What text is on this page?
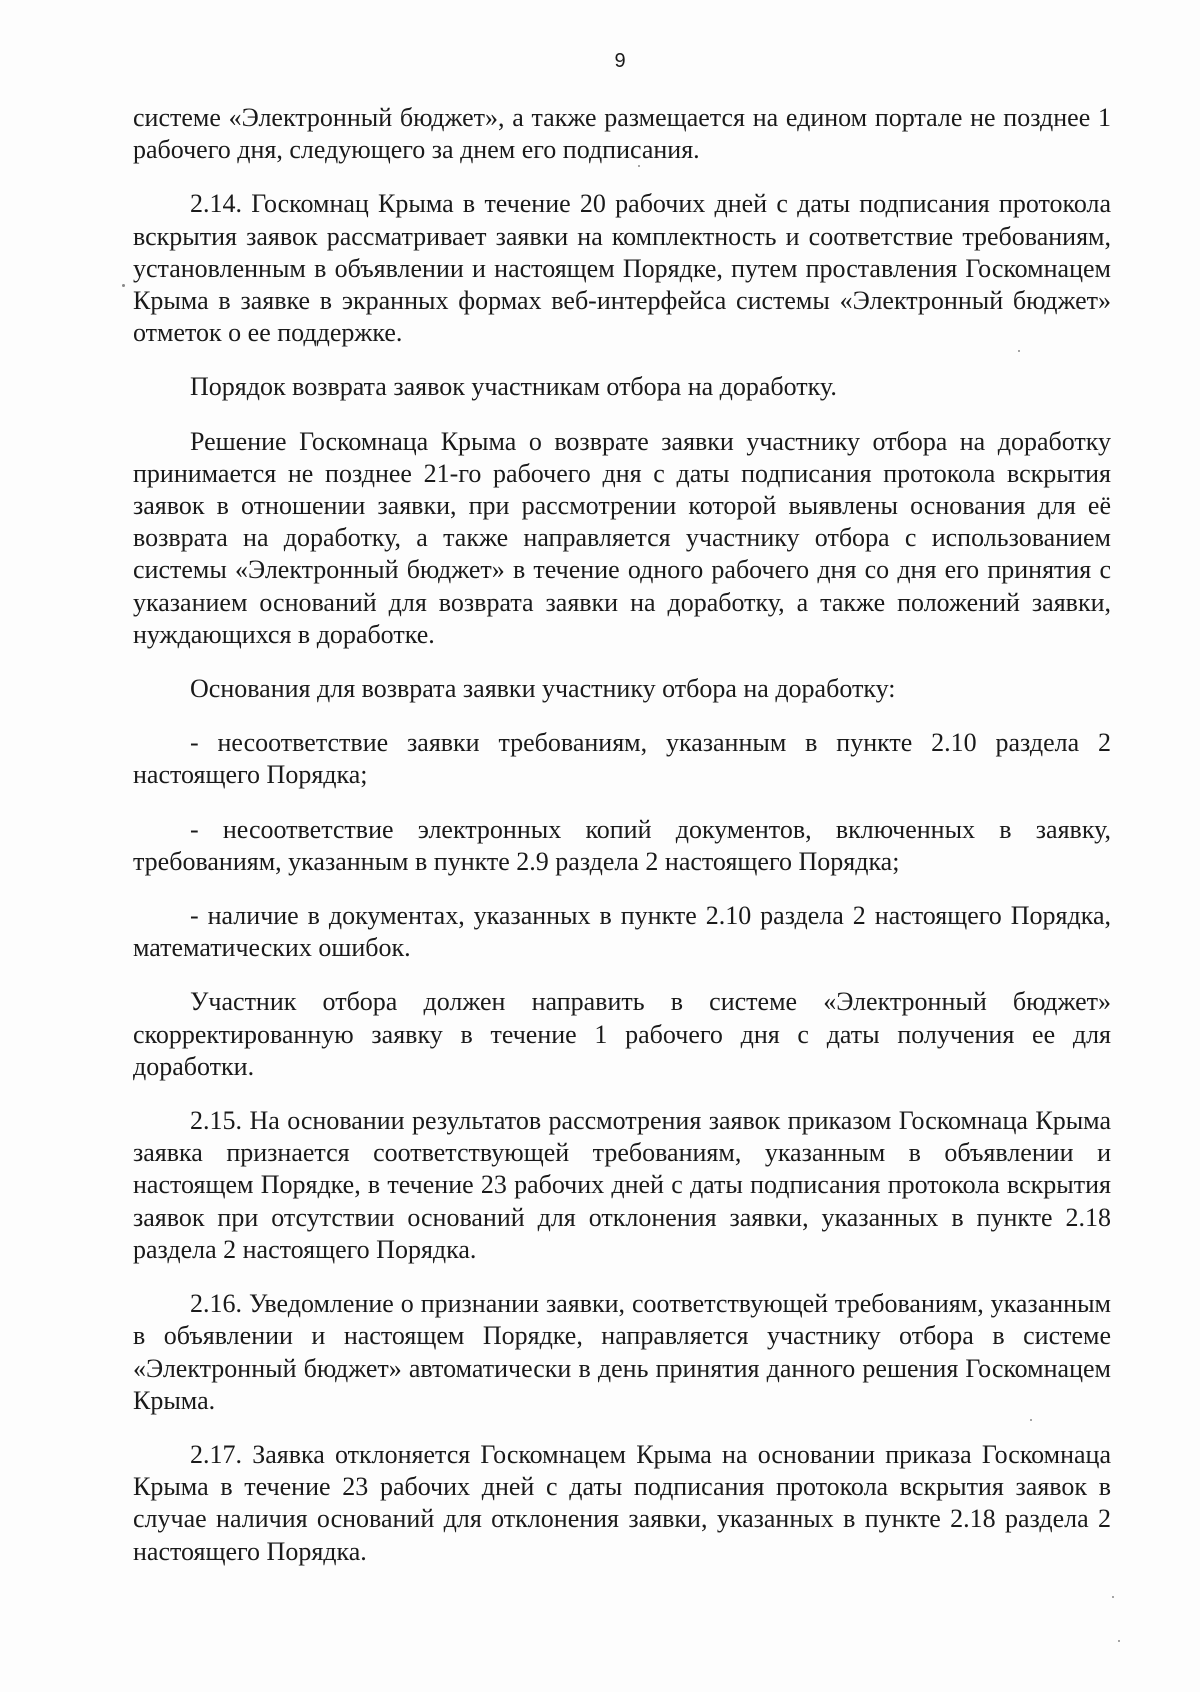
9

системе «Электронный бюджет», а также размещается на едином портале не позднее 1 рабочего дня, следующего за днем его подписания.

2.14. Госкомнац Крыма в течение 20 рабочих дней с даты подписания протокола вскрытия заявок рассматривает заявки на комплектность и соответствие требованиям, установленным в объявлении и настоящем Порядке, путем проставления Госкомнацем Крыма в заявке в экранных формах веб-интерфейса системы «Электронный бюджет» отметок о ее поддержке.

Порядок возврата заявок участникам отбора на доработку.

Решение Госкомнаца Крыма о возврате заявки участнику отбора на доработку принимается не позднее 21-го рабочего дня с даты подписания протокола вскрытия заявок в отношении заявки, при рассмотрении которой выявлены основания для её возврата на доработку, а также направляется участнику отбора с использованием системы «Электронный бюджет» в течение одного рабочего дня со дня его принятия с указанием оснований для возврата заявки на доработку, а также положений заявки, нуждающихся в доработке.

Основания для возврата заявки участнику отбора на доработку:

- несоответствие заявки требованиям, указанным в пункте 2.10 раздела 2 настоящего Порядка;

- несоответствие электронных копий документов, включенных в заявку, требованиям, указанным в пункте 2.9 раздела 2 настоящего Порядка;

- наличие в документах, указанных в пункте 2.10 раздела 2 настоящего Порядка, математических ошибок.

Участник отбора должен направить в системе «Электронный бюджет» скорректированную заявку в течение 1 рабочего дня с даты получения ее для доработки.

2.15. На основании результатов рассмотрения заявок приказом Госкомнаца Крыма заявка признается соответствующей требованиям, указанным в объявлении и настоящем Порядке, в течение 23 рабочих дней с даты подписания протокола вскрытия заявок при отсутствии оснований для отклонения заявки, указанных в пункте 2.18 раздела 2 настоящего Порядка.

2.16. Уведомление о признании заявки, соответствующей требованиям, указанным в объявлении и настоящем Порядке, направляется участнику отбора в системе «Электронный бюджет» автоматически в день принятия данного решения Госкомнацем Крыма.

2.17. Заявка отклоняется Госкомнацем Крыма на основании приказа Госкомнаца Крыма в течение 23 рабочих дней с даты подписания протокола вскрытия заявок в случае наличия оснований для отклонения заявки, указанных в пункте 2.18 раздела 2 настоящего Порядка.
